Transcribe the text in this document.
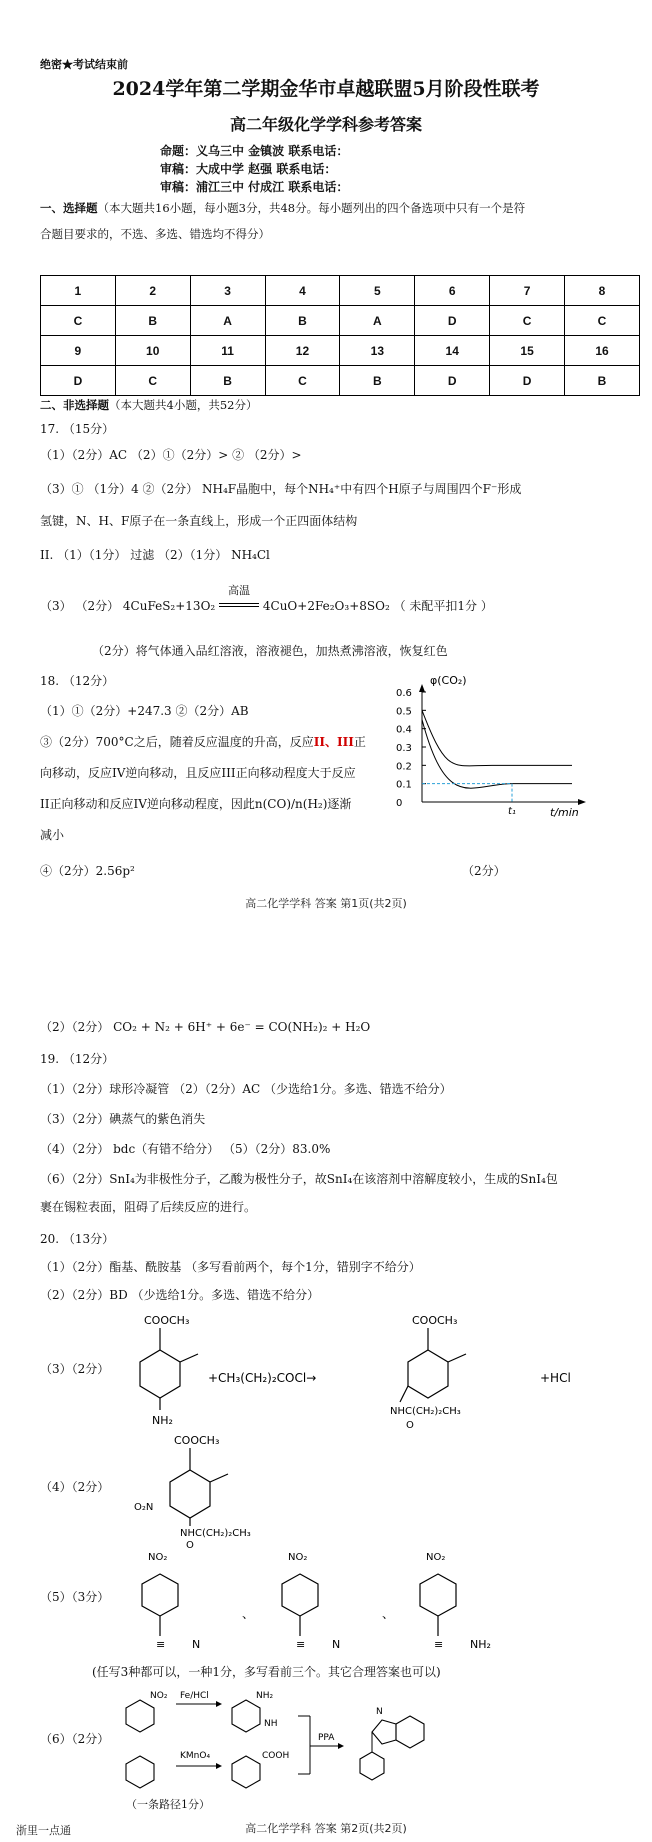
绝密★考试结束前
2024学年第二学期金华市卓越联盟5月阶段性联考
高二年级化学学科参考答案
命题：义乌三中 金镇波 联系电话：
审稿：大成中学 赵强 联系电话：
审稿：浦江三中 付成江 联系电话：
一、选择题（本大题共16小题，每小题3分，共48分。每小题列出的四个备选项中只有一个是符
合题目要求的，不选、多选、错选均不得分）
1	2	3	4	5	6	7	8
C	B	A	B	A	D	C	C
9	10	11	12	13	14	15	16
D	C	B	C	B	D	D	B
二、非选择题（本大题共4小题，共52分）
17. （15分）
（1）（2分）AC （2）①（2分）> ② （2分）>
（3）① （1分）4 ②（2分） NH₄F晶胞中，每个NH₄⁺中有四个H原子与周围四个F⁻形成
氢键，N、H、F原子在一条直线上，形成一个正四面体结构
II. （1）（1分） 过滤 （2）（1分） NH₄Cl
（3） （2分） 4CuFeS₂+13O₂
高温
4CuO+2Fe₂O₃+8SO₂ （ 未配平扣1分 ）
（2分）将气体通入品红溶液，溶液褪色，加热煮沸溶液，恢复红色
18. （12分）
（1）①（2分）+247.3 ②（2分）AB
③（2分）700°C之后，随着反应温度的升高，反应II、III正
向移动，反应IV逆向移动，且反应III正向移动程度大于反应
II正向移动和反应IV逆向移动程度，因此n(CO)/n(H₂)逐渐
减小
④（2分）2.56p²	（2分）
φ(CO₂)
t/min
0.6
0.5
0.4
0.3
0.2
0.1
0
t₁
高二化学学科 答案 第1页(共2页)
（2）（2分） CO₂ + N₂ + 6H⁺ + 6e⁻ = CO(NH₂)₂ + H₂O
19. （12分）
（1）（2分）球形冷凝管 （2）（2分）AC （少选给1分。多选、错选不给分）
（3）（2分）碘蒸气的紫色消失
（4）（2分） bdc（有错不给分） （5）（2分）83.0%
（6）（2分）SnI₄为非极性分子，乙酸为极性分子，故SnI₄在该溶剂中溶解度较小，生成的SnI₄包
裹在锡粒表面，阻碍了后续反应的进行。
20. （13分）
（1）（2分）酯基、酰胺基 （多写看前两个，每个1分，错别字不给分）
（2）（2分）BD （少选给1分。多选、错选不给分）
（3）（2分）
COOCH₃
NH₂
+CH₃(CH₂)₂COCl→
COOCH₃
NHC(CH₂)₂CH₃
O
+HCl
（4）（2分）
COOCH₃
O₂N
NHC(CH₂)₂CH₃
O
（5）（3分）
NO₂
≡ N
、
NO₂
≡ N
、
NO₂
≡ NH₂
(任写3种都可以，一种1分，多写看前三个。其它合理答案也可以)
（6）（2分）
NO₂ Fe/HCl	NH₂
NH
KMnO₄	COOH
PPA
N
（一条路径1分）
浙里一点通	高二化学学科 答案 第2页(共2页)
